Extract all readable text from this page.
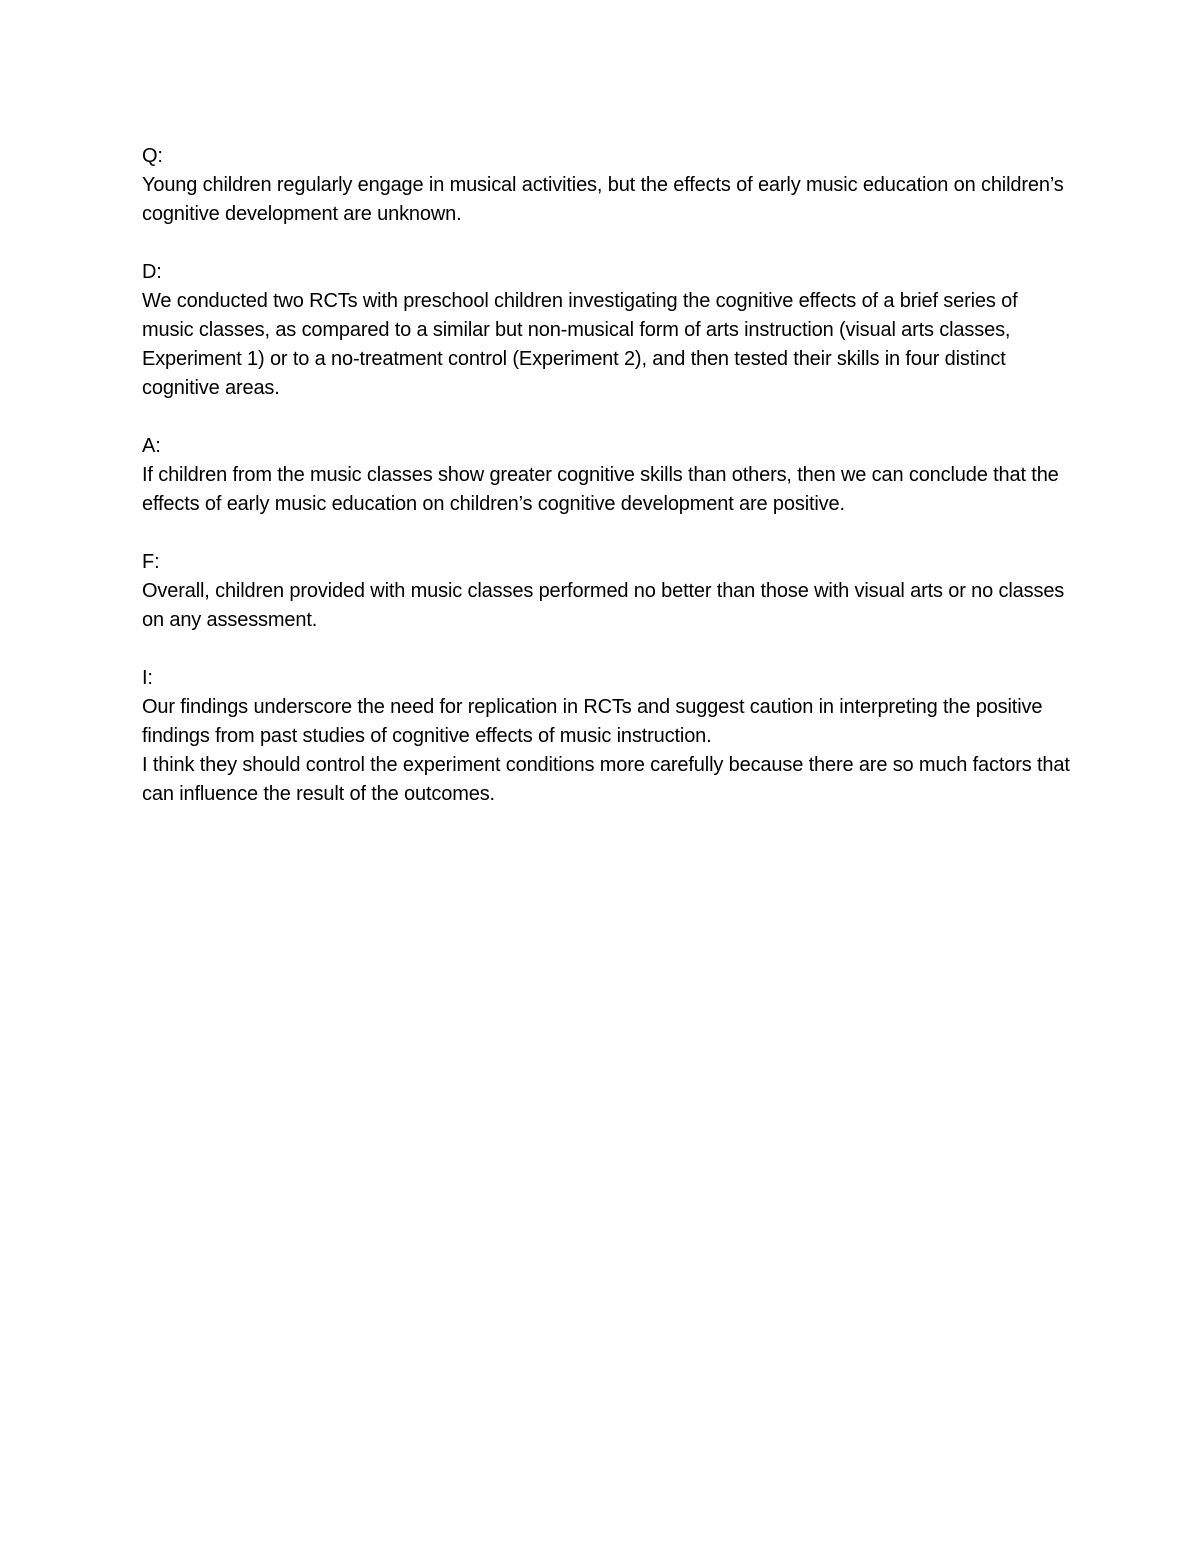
Q:
Young children regularly engage in musical activities, but the effects of early music education on children’s cognitive development are unknown.
D:
We conducted two RCTs with preschool children investigating the cognitive effects of a brief series of music classes, as compared to a similar but non-musical form of arts instruction (visual arts classes, Experiment 1) or to a no-treatment control (Experiment 2), and then tested their skills in four distinct cognitive areas.
A:
If children from the music classes show greater cognitive skills than others, then we can conclude that the effects of early music education on children’s cognitive development are positive.
F:
Overall, children provided with music classes performed no better than those with visual arts or no classes on any assessment.
I:
Our findings underscore the need for replication in RCTs and suggest caution in interpreting the positive findings from past studies of cognitive effects of music instruction.
I think they should control the experiment conditions more carefully because there are so much factors that can influence the result of the outcomes.
